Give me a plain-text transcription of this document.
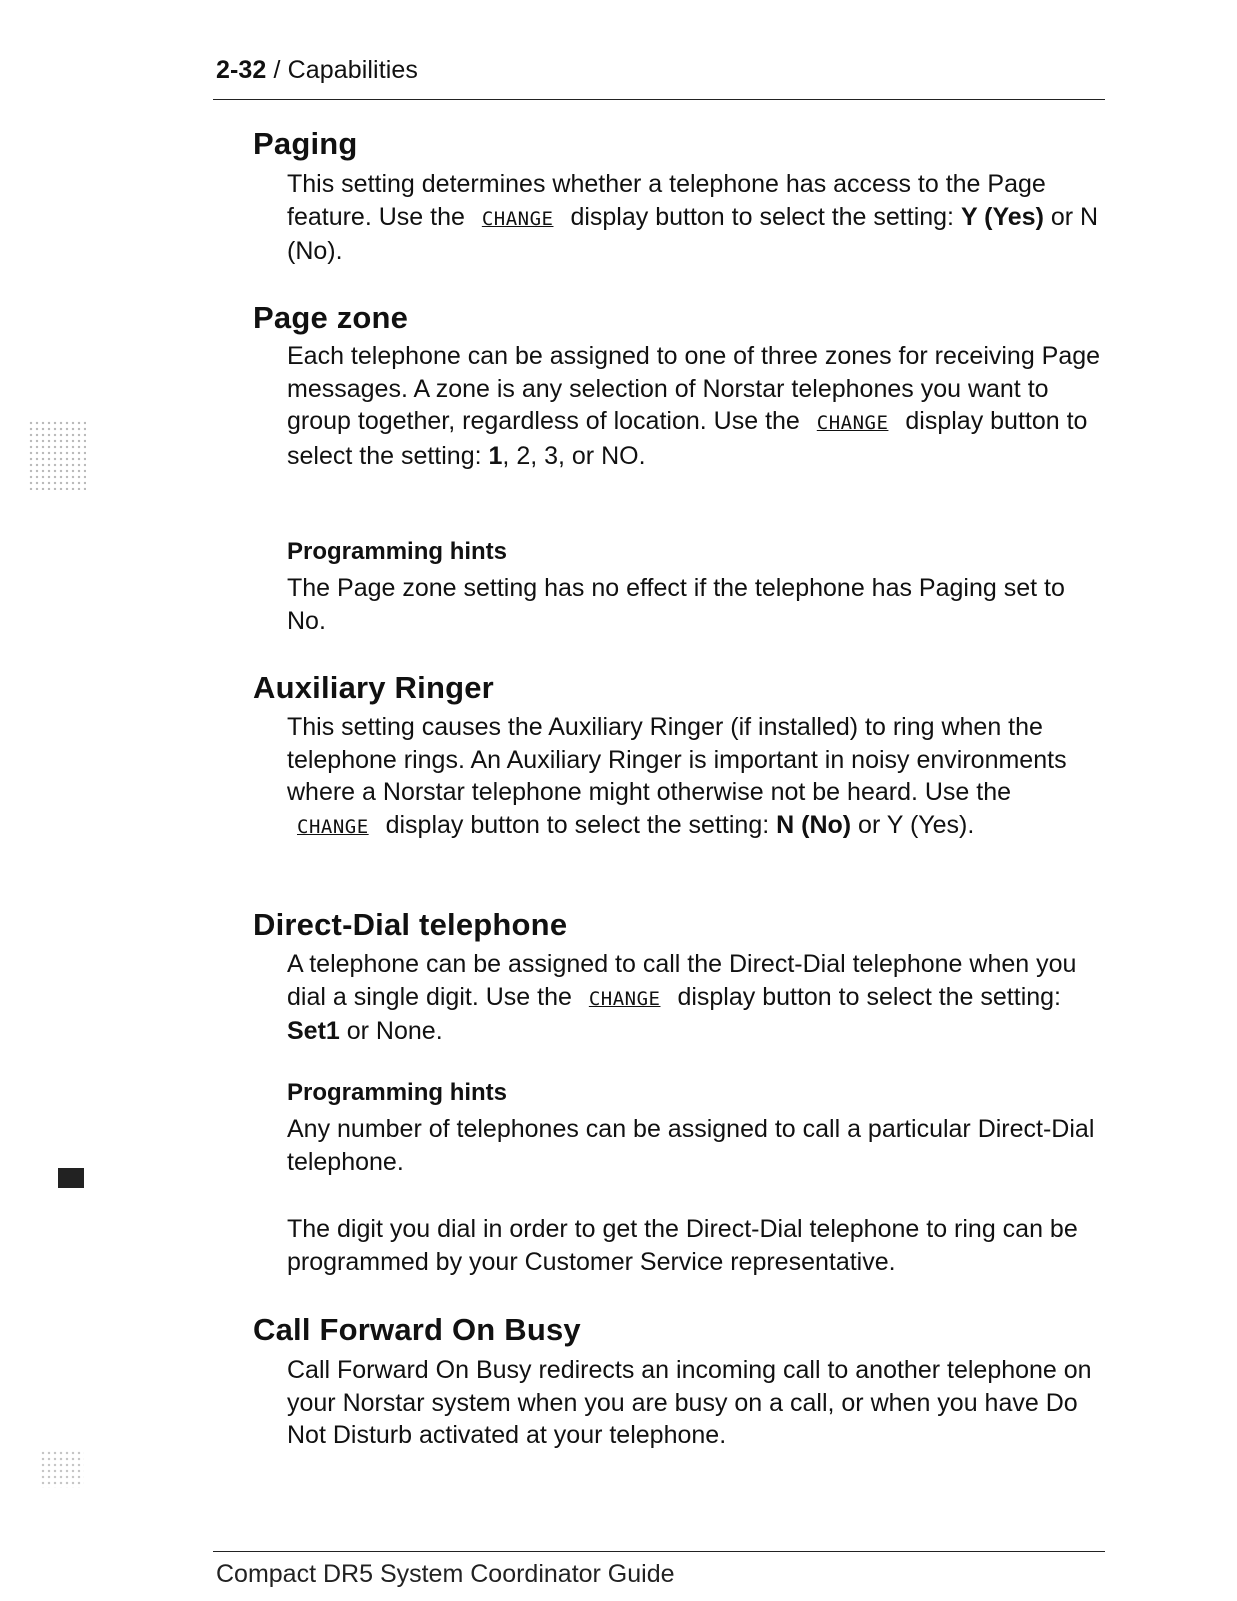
2-32 / Capabilities
Paging

This setting determines whether a telephone has access to the Page feature. Use the CHANGE display button to select the setting: Y (Yes) or N (No).

Page zone

Each telephone can be assigned to one of three zones for receiving Page messages. A zone is any selection of Norstar telephones you want to group together, regardless of location. Use the CHANGE display button to select the setting: 1, 2, 3, or NO.

Programming hints

The Page zone setting has no effect if the telephone has Paging set to No.

Auxiliary Ringer

This setting causes the Auxiliary Ringer (if installed) to ring when the telephone rings. An Auxiliary Ringer is important in noisy environments where a Norstar telephone might otherwise not be heard. Use the CHANGE display button to select the setting: N (No) or Y (Yes).

Direct-Dial telephone

A telephone can be assigned to call the Direct-Dial telephone when you dial a single digit. Use the CHANGE display button to select the setting: Set1 or None.

Programming hints

Any number of telephones can be assigned to call a particular Direct-Dial telephone.

The digit you dial in order to get the Direct-Dial telephone to ring can be programmed by your Customer Service representative.

Call Forward On Busy

Call Forward On Busy redirects an incoming call to another telephone on your Norstar system when you are busy on a call, or when you have Do Not Disturb activated at your telephone.

Compact DR5 System Coordinator Guide
